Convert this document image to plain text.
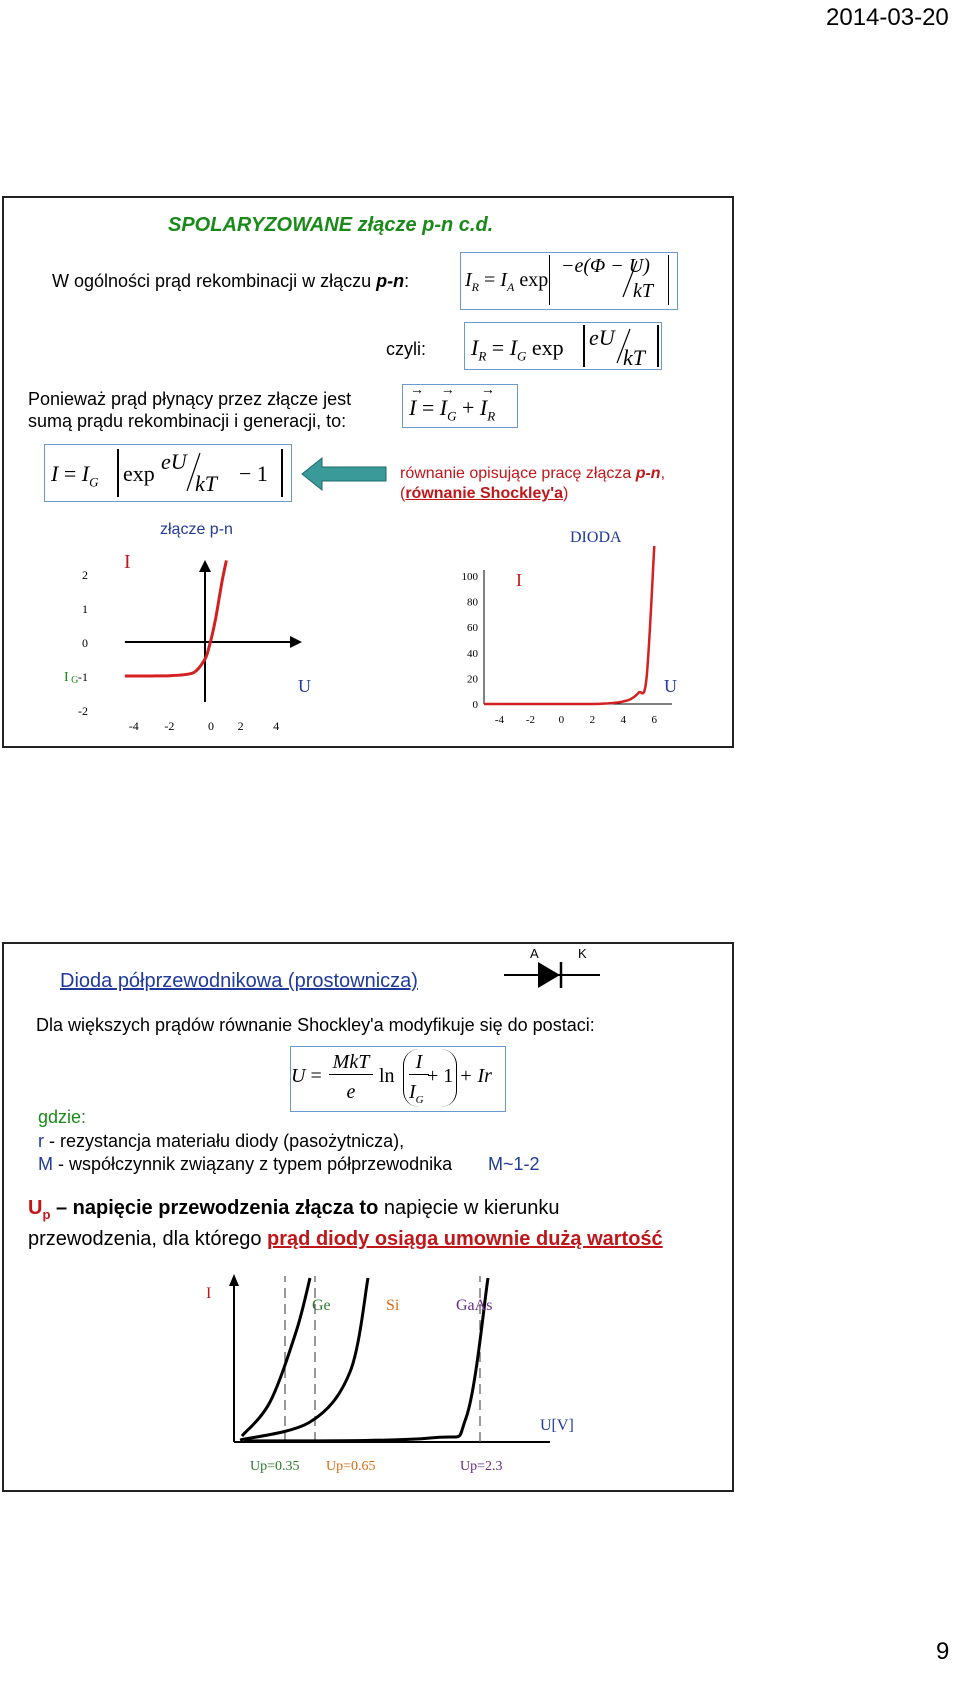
2014-03-20
9
SPOLARYZOWANE złącze p-n c.d.
W ogólności prąd rekombinacji w złączu p-n:	$I_R = I_A$ exp
−e(Φ − U)
kT
czyli: $I_R = I_G$ exp eU
kT
Ponieważ prąd płynący przez złącze jest
sumą prądu rekombinacji i generacji, to:
I
→
= I
→
$_G$ + I
→
$_R$
$I = I_G$ exp eU
kT − 1	równanie opisujące pracę złącza p-n,
(równanie Shockley'a)
złącze p-n
I
U
2
1
0
-1
-2
I G
-4 -2	0 2 4
DIODA
I
U
100
80
60
40
20
0
-4 -2 0 2 4 6
Dioda półprzewodnikowa (prostownicza)
A	K
Dla większych prądów równanie Shockley'a modyfikuje się do postaci:
U =
MkT
e
ln
I
$I_G$
+ 1 + Ir
gdzie:
r - rezystancja materiału diody (pasożytnicza),
M - współczynnik związany z typem półprzewodnika M~1-2
$U_p$ – napięcie przewodzenia złącza to napięcie w kierunku
przewodzenia, dla którego prąd diody osiąga umownie dużą wartość
I
U[V]
Ge
Up=0.35
Si
Up=0.65
GaAs
Up=2.3
